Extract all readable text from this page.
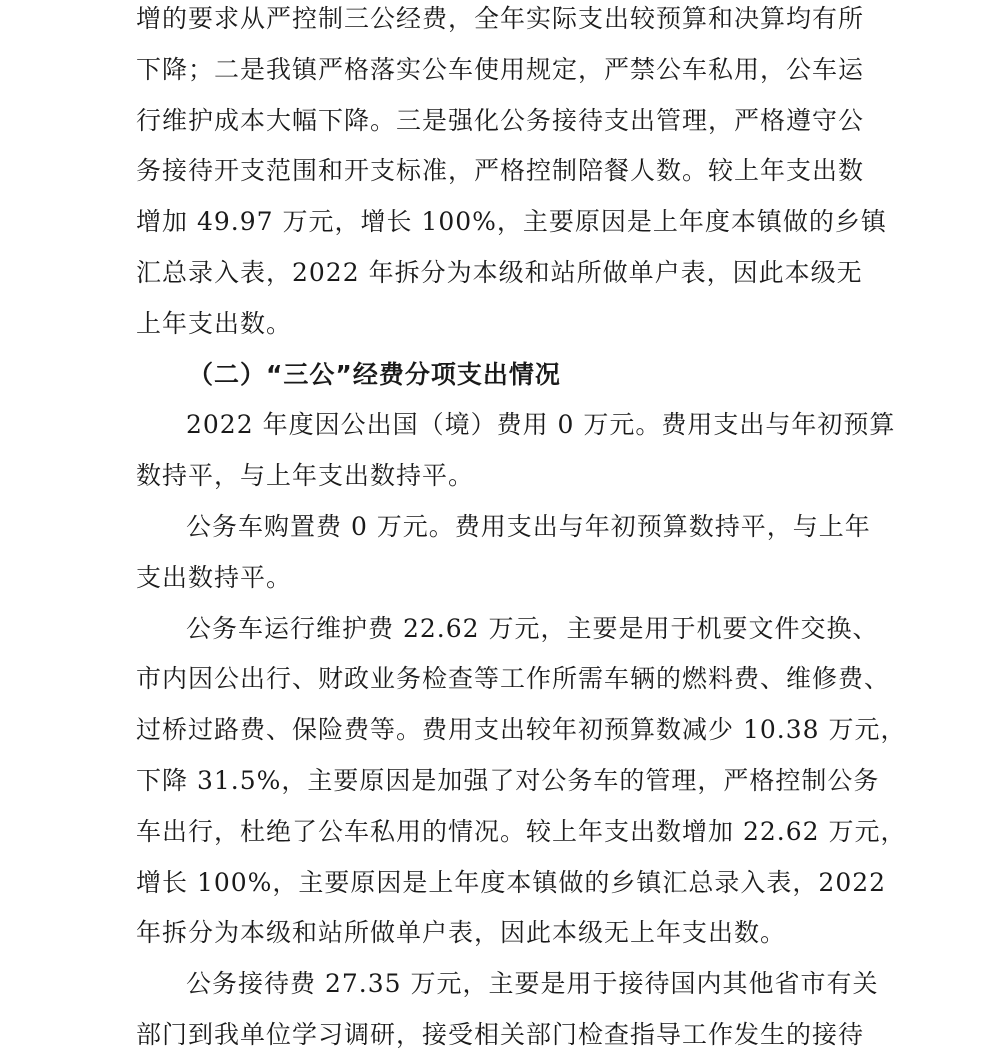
增的要求从严控制三公经费，全年实际支出较预算和决算均有所
下降；二是我镇严格落实公车使用规定，严禁公车私用，公车运
行维护成本大幅下降。三是强化公务接待支出管理，严格遵守公
务接待开支范围和开支标准，严格控制陪餐人数。较上年支出数
增加 49.97 万元，增长 100%，主要原因是上年度本镇做的乡镇
汇总录入表，2022 年拆分为本级和站所做单户表，因此本级无
上年支出数。
（二）“三公”经费分项支出情况
2022 年度因公出国（境）费用 0 万元。费用支出与年初预算
数持平，与上年支出数持平。
公务车购置费 0 万元。费用支出与年初预算数持平，与上年
支出数持平。
公务车运行维护费 22.62 万元，主要是用于机要文件交换、
市内因公出行、财政业务检查等工作所需车辆的燃料费、维修费、
过桥过路费、保险费等。费用支出较年初预算数减少 10.38 万元，
下降 31.5%，主要原因是加强了对公务车的管理，严格控制公务
车出行，杜绝了公车私用的情况。较上年支出数增加 22.62 万元，
增长 100%，主要原因是上年度本镇做的乡镇汇总录入表，2022
年拆分为本级和站所做单户表，因此本级无上年支出数。
公务接待费 27.35 万元，主要是用于接待国内其他省市有关
部门到我单位学习调研，接受相关部门检查指导工作发生的接待
